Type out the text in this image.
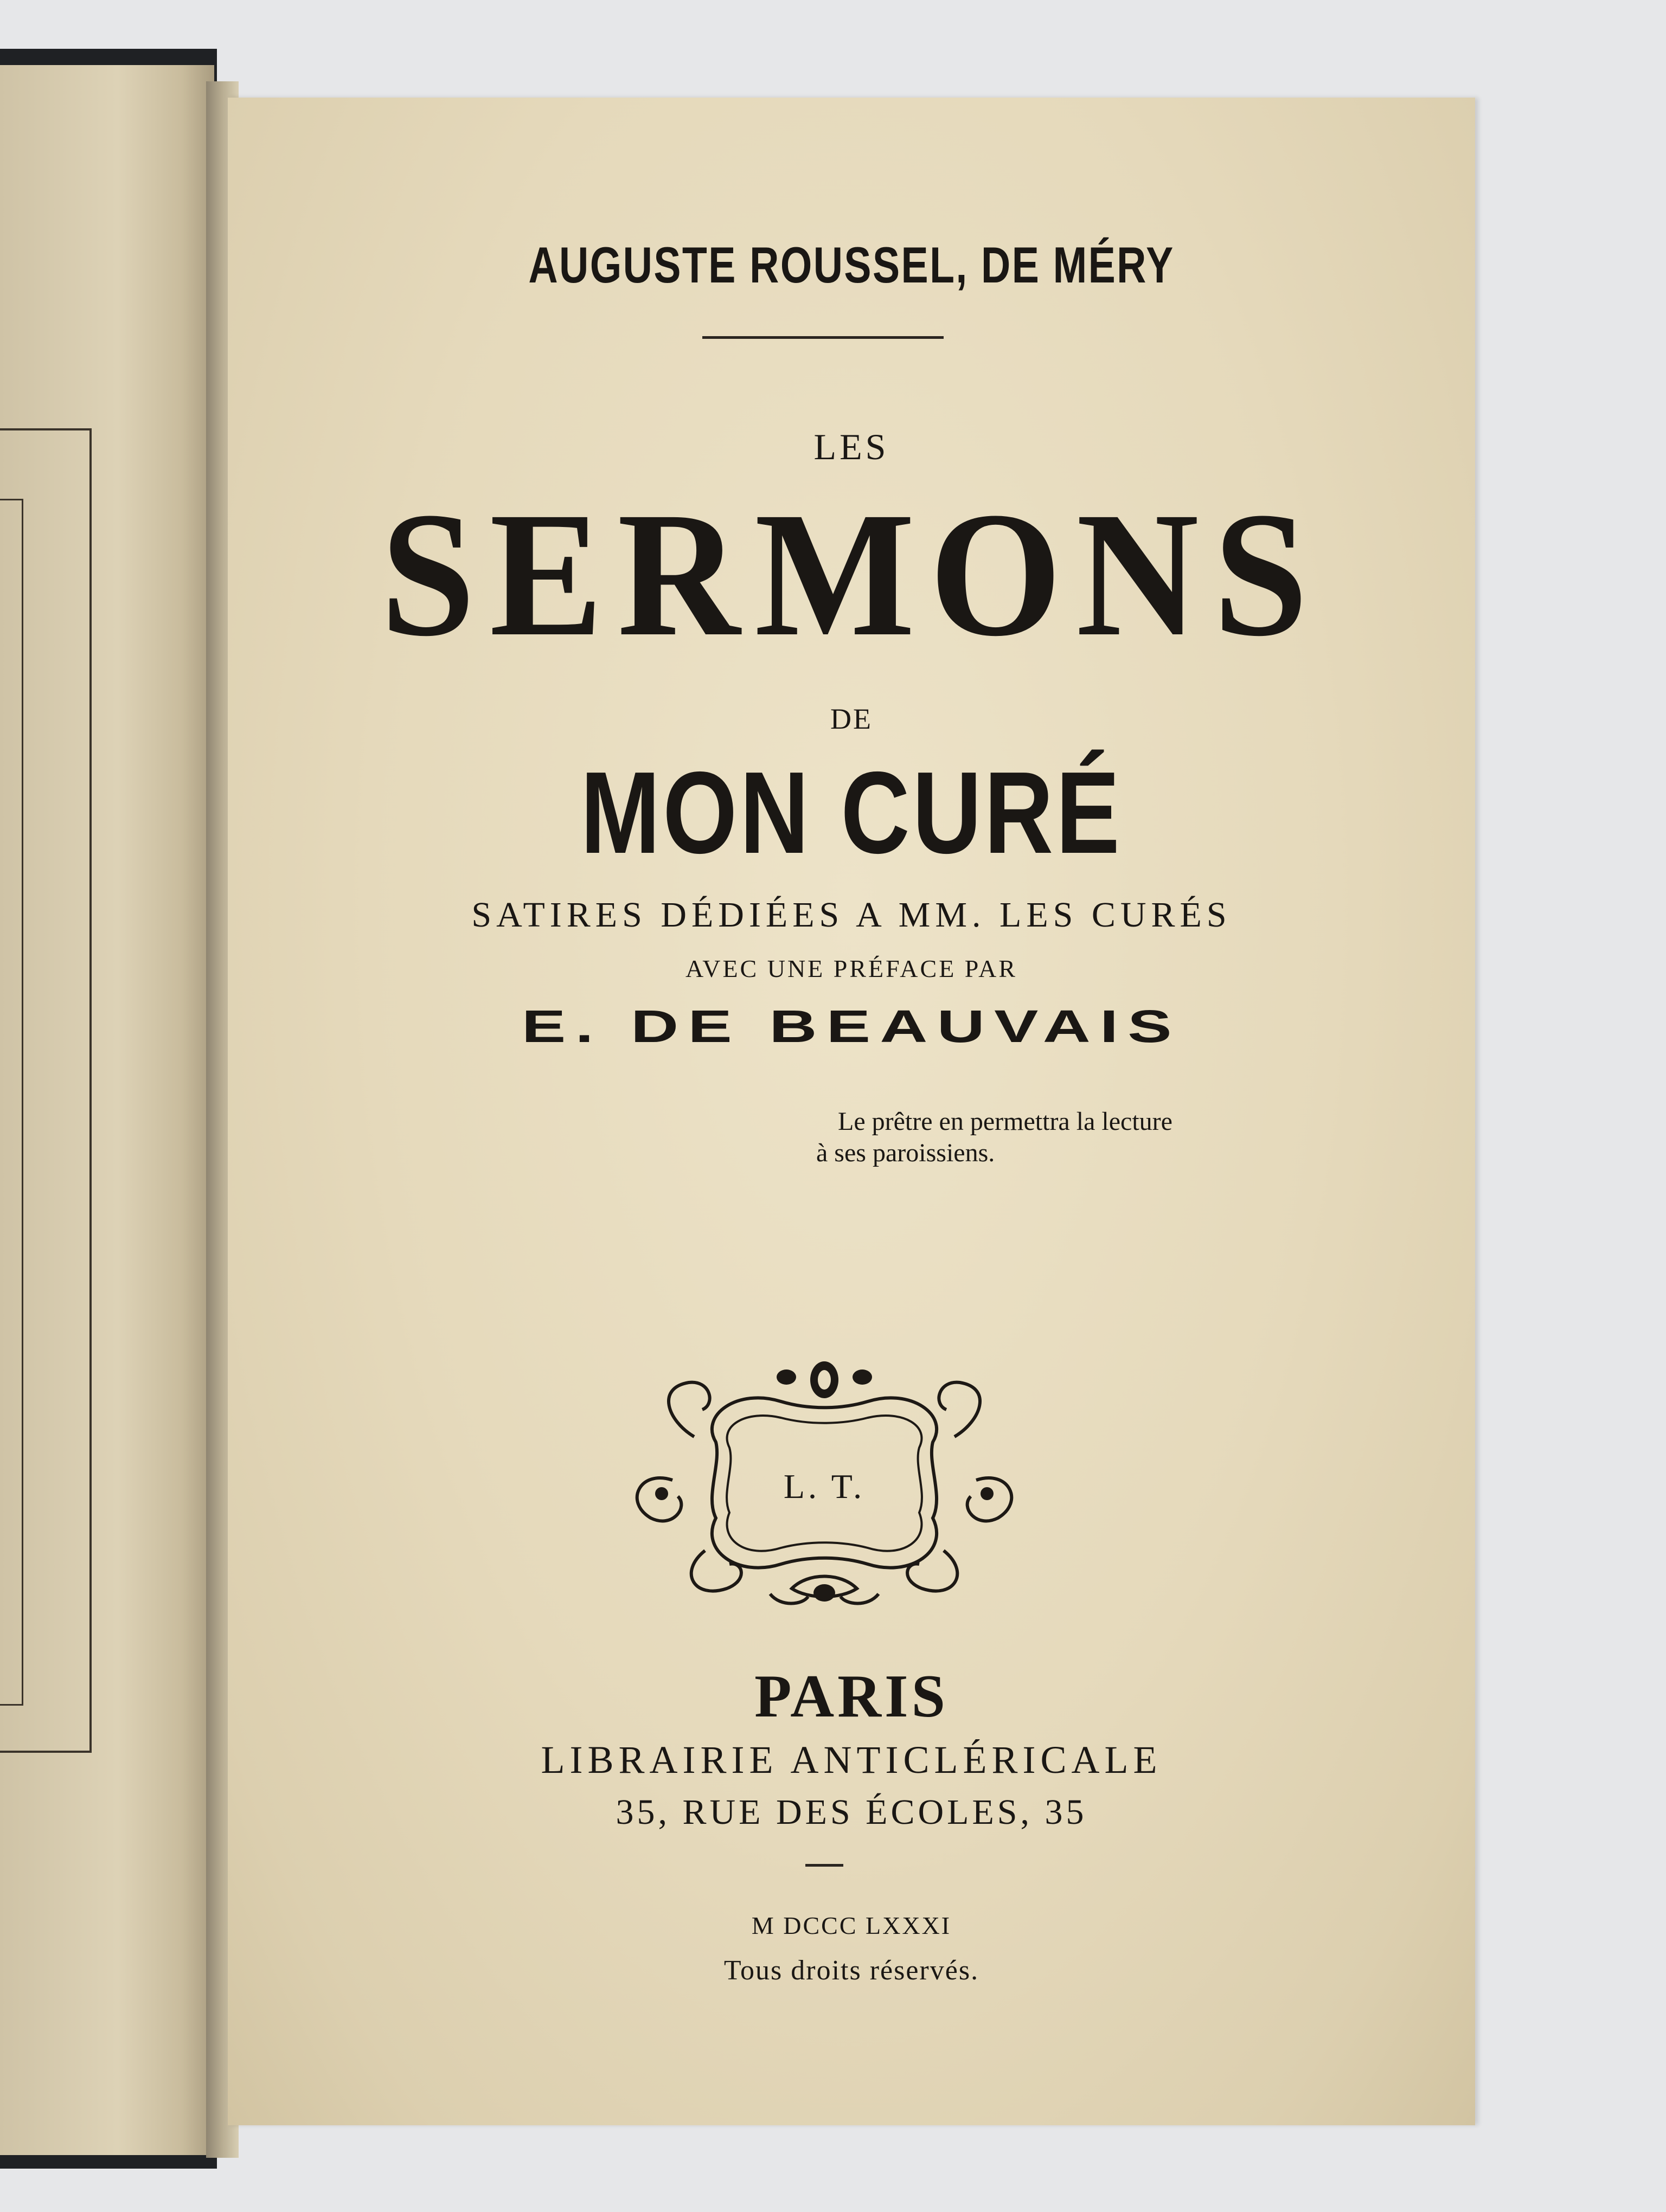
AUGUSTE ROUSSEL, DE MÉRY

LES

SERMONS

DE

MON CURÉ

SATIRES DÉDIÉES A MM. LES CURÉS

AVEC UNE PRÉFACE PAR

E. DE BEAUVAIS

Le prêtre en permettra la lecture
à ses paroissiens.

L. T.

PARIS

LIBRAIRIE ANTICLÉRICALE

35, RUE DES ÉCOLES, 35

M DCCC LXXXI

Tous droits réservés.
